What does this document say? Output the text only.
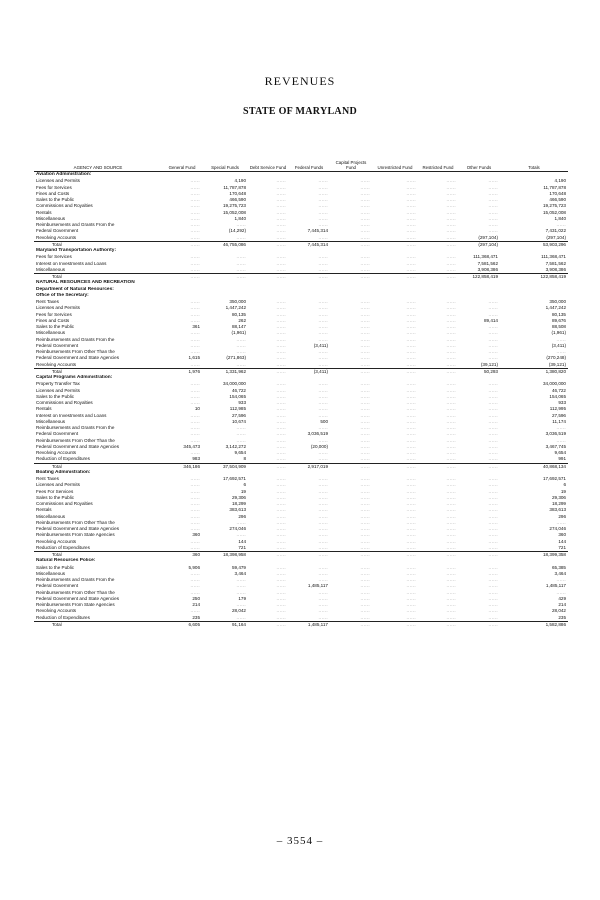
REVENUES
STATE OF MARYLAND
AGENCY AND SOURCE	General Fund	Special Funds	Debt Service Fund	Federal Funds	Capital Projects Fund	Unrestricted Fund	Restricted Fund	Other Funds	Totals
Aviation Administration:									
Licenses and Permits	......	4,190	......	......	......	......	......	......	4,190
Fees for Services	......	11,787,878	......	......	......	......	......	......	11,787,878
Fines and Costs	......	170,648	......	......	......	......	......	......	170,648
Sales to the Public	......	466,590	......	......	......	......	......	......	466,590
Commissions and Royalties	......	19,275,723	......	......	......	......	......	......	19,275,723
Rentals	......	15,052,008	......	......	......	......	......	......	15,052,008
Miscellaneous	......	1,840	......	......	......	......	......	......	1,840
Reimbursements and Grants From the	......	......	......	......	......	......	......	......	......
Federal Government	......	(14,292)	......	7,445,314	......	......	......	......	7,431,022
Revolving Accounts	......	......	......	......	......	......	......	(297,104)	(297,104)
Total	......	46,755,086	......	7,445,314	......	......	......	(297,104)	53,903,296
Maryland Transportation Authority:									
Fees for Services	......	......	......	......	......	......	......	111,368,471	111,368,471
Interest on Investments and Loans	......	......	......	......	......	......	......	7,581,562	7,581,562
Miscellaneous	......	......	......	......	......	......	......	3,908,386	3,908,386
Total	......	......	......	......	......	......	......	122,858,419	122,858,419
NATURAL RESOURCES AND RECREATION									
Department of Natural Resources:									
Office of the Secretary:									
Rent Taxes	......	350,000	......	......	......	......	......	......	350,000
Licenses and Permits	......	1,447,242	......	......	......	......	......	......	1,447,242
Fees for Services	......	80,135	......	......	......	......	......	......	80,135
Fines and Costs	......	262	......	......	......	......	......	89,414	89,676
Sales to the Public	361	88,147	......	......	......	......	......	......	88,508
Miscellaneous	......	(1,961)	......	......	......	......	......	......	(1,961)
Reimbursements and Grants From the	......	......	......	......	......	......	......	......	......
Federal Government	......	......	......	(3,411)	......	......	......	......	(3,411)
Reimbursements From Other Than the	......	......	......	......	......	......	......	......	......
Federal Government and State Agencies	1,615	(271,863)	......	......	......	......	......	......	(270,248)
Revolving Accounts	......	......	......	......	......	......	......	(39,121)	(39,121)
Total	1,976	1,331,962	......	(3,411)	......	......	......	50,293	1,380,820
Capital Programs Administration:									
Property Transfer Tax	......	34,000,000	......	......	......	......	......	......	34,000,000
Licenses and Permits	......	46,722	......	......	......	......	......	......	46,722
Sales to the Public	......	154,065	......	......	......	......	......	......	154,065
Commissions and Royalties	......	933	......	......	......	......	......	......	933
Rentals	10	112,985	......	......	......	......	......	......	112,995
Interest on Investments and Loans	......	27,596	......	......	......	......	......	......	27,596
Miscellaneous	......	10,674	......	500	......	......	......	......	11,174
Reimbursements and Grants From the	......	......	......	......	......	......	......	......	......
Federal Government	......	......	......	3,036,519	......	......	......	......	3,036,519
Reimbursements From Other Than the	......	......	......	......	......	......	......	......	......
Federal Government and State Agencies	345,473	3,142,272	......	(20,000)	......	......	......	......	3,467,745
Revolving Accounts	......	9,654	......	......	......	......	......	......	9,654
Reduction of Expenditures	983	8	......	......	......	......	......	......	991
Total	346,186	37,504,909	......	2,917,019	......	......	......	......	40,868,134
Boating Administration:									
Rent Taxes	......	17,692,571	......	......	......	......	......	......	17,692,571
Licenses and Permits	......	6	......	......	......	......	......	......	6
Fees For Services	......	19	......	......	......	......	......	......	19
Sales to the Public	......	29,306	......	......	......	......	......	......	29,306
Commissions and Royalties	......	18,299	......	......	......	......	......	......	18,299
Rentals	......	383,613	......	......	......	......	......	......	383,613
Miscellaneous	......	296	......	......	......	......	......	......	296
Reimbursements From Other Than the	......	......	......	......	......	......	......	......	......
Federal Government and State Agencies	......	274,046	......	......	......	......	......	......	274,046
Reimbursements From State Agencies	360	......	......	......	......	......	......	......	360
Revolving Accounts	......	144	......	......	......	......	......	......	144
Reduction of Expenditures	......	721	......	......	......	......	......	......	721
Total	360	18,398,958	......	......	......	......	......	......	18,399,358
Natural Resources Police:									
Sales to the Public	5,906	59,479	......	......	......	......	......	......	65,385
Miscellaneous	......	3,464	......	......	......	......	......	......	3,464
Reimbursements and Grants From the	......	......	......	......	......	......	......	......	......
Federal Government	......	......	......	1,485,117	......	......	......	......	1,485,117
Reimbursements From Other Than the	......	......	......	......	......	......	......	......	......
Federal Government and State Agencies	250	179	......	......	......	......	......	......	429
Reimbursements From State Agencies	214	......	......	......	......	......	......	......	214
Revolving Accounts	......	28,042	......	......	......	......	......	......	28,042
Reduction of Expenditures	235	......	......	......	......	......	......	......	235
Total	6,605	91,164	......	1,485,117	......	......	......	......	1,582,886
– 3554 –
